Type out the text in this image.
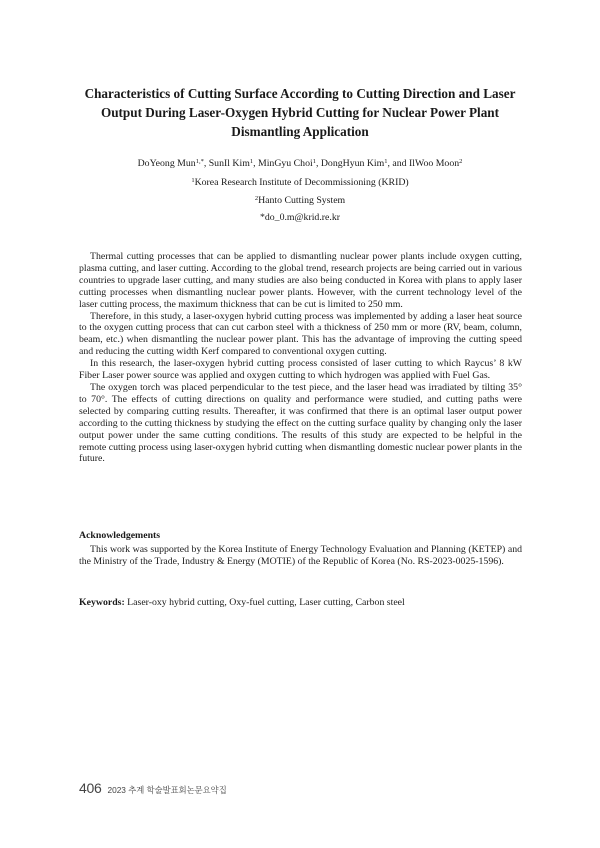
Characteristics of Cutting Surface According to Cutting Direction and Laser Output During Laser-Oxygen Hybrid Cutting for Nuclear Power Plant Dismantling Application
DoYeong Mun$^{1,*}$, SunIl Kim$^1$, MinGyu Choi$^1$, DongHyun Kim$^1$, and IlWoo Moon$^2$
$^1$Korea Research Institute of Decommissioning (KRID)
$^2$Hanto Cutting System
*do_0.m@krid.re.kr

Thermal cutting processes that can be applied to dismantling nuclear power plants include oxygen cutting, plasma cutting, and laser cutting. According to the global trend, research projects are being carried out in various countries to upgrade laser cutting, and many studies are also being conducted in Korea with plans to apply laser cutting processes when dismantling nuclear power plants. However, with the current technology level of the laser cutting process, the maximum thickness that can be cut is limited to 250 mm.

Therefore, in this study, a laser-oxygen hybrid cutting process was implemented by adding a laser heat source to the oxygen cutting process that can cut carbon steel with a thickness of 250 mm or more (RV, beam, column, beam, etc.) when dismantling the nuclear power plant. This has the advantage of improving the cutting speed and reducing the cutting width Kerf compared to conventional oxygen cutting.

In this research, the laser-oxygen hybrid cutting process consisted of laser cutting to which Raycus’ 8 kW Fiber Laser power source was applied and oxygen cutting to which hydrogen was applied with Fuel Gas.

The oxygen torch was placed perpendicular to the test piece, and the laser head was irradiated by tilting 35° to 70°. The effects of cutting directions on quality and performance were studied, and cutting paths were selected by comparing cutting results. Thereafter, it was confirmed that there is an optimal laser output power according to the cutting thickness by studying the effect on the cutting surface quality by changing only the laser output power under the same cutting conditions. The results of this study are expected to be helpful in the remote cutting process using laser-oxygen hybrid cutting when dismantling domestic nuclear power plants in the future.

Acknowledgements

This work was supported by the Korea Institute of Energy Technology Evaluation and Planning (KETEP) and the Ministry of the Trade, Industry & Energy (MOTIE) of the Republic of Korea (No. RS-2023-0025-1596).

Keywords: Laser-oxy hybrid cutting, Oxy-fuel cutting, Laser cutting, Carbon steel
406 2023 추계 학술발표회논문요약집
